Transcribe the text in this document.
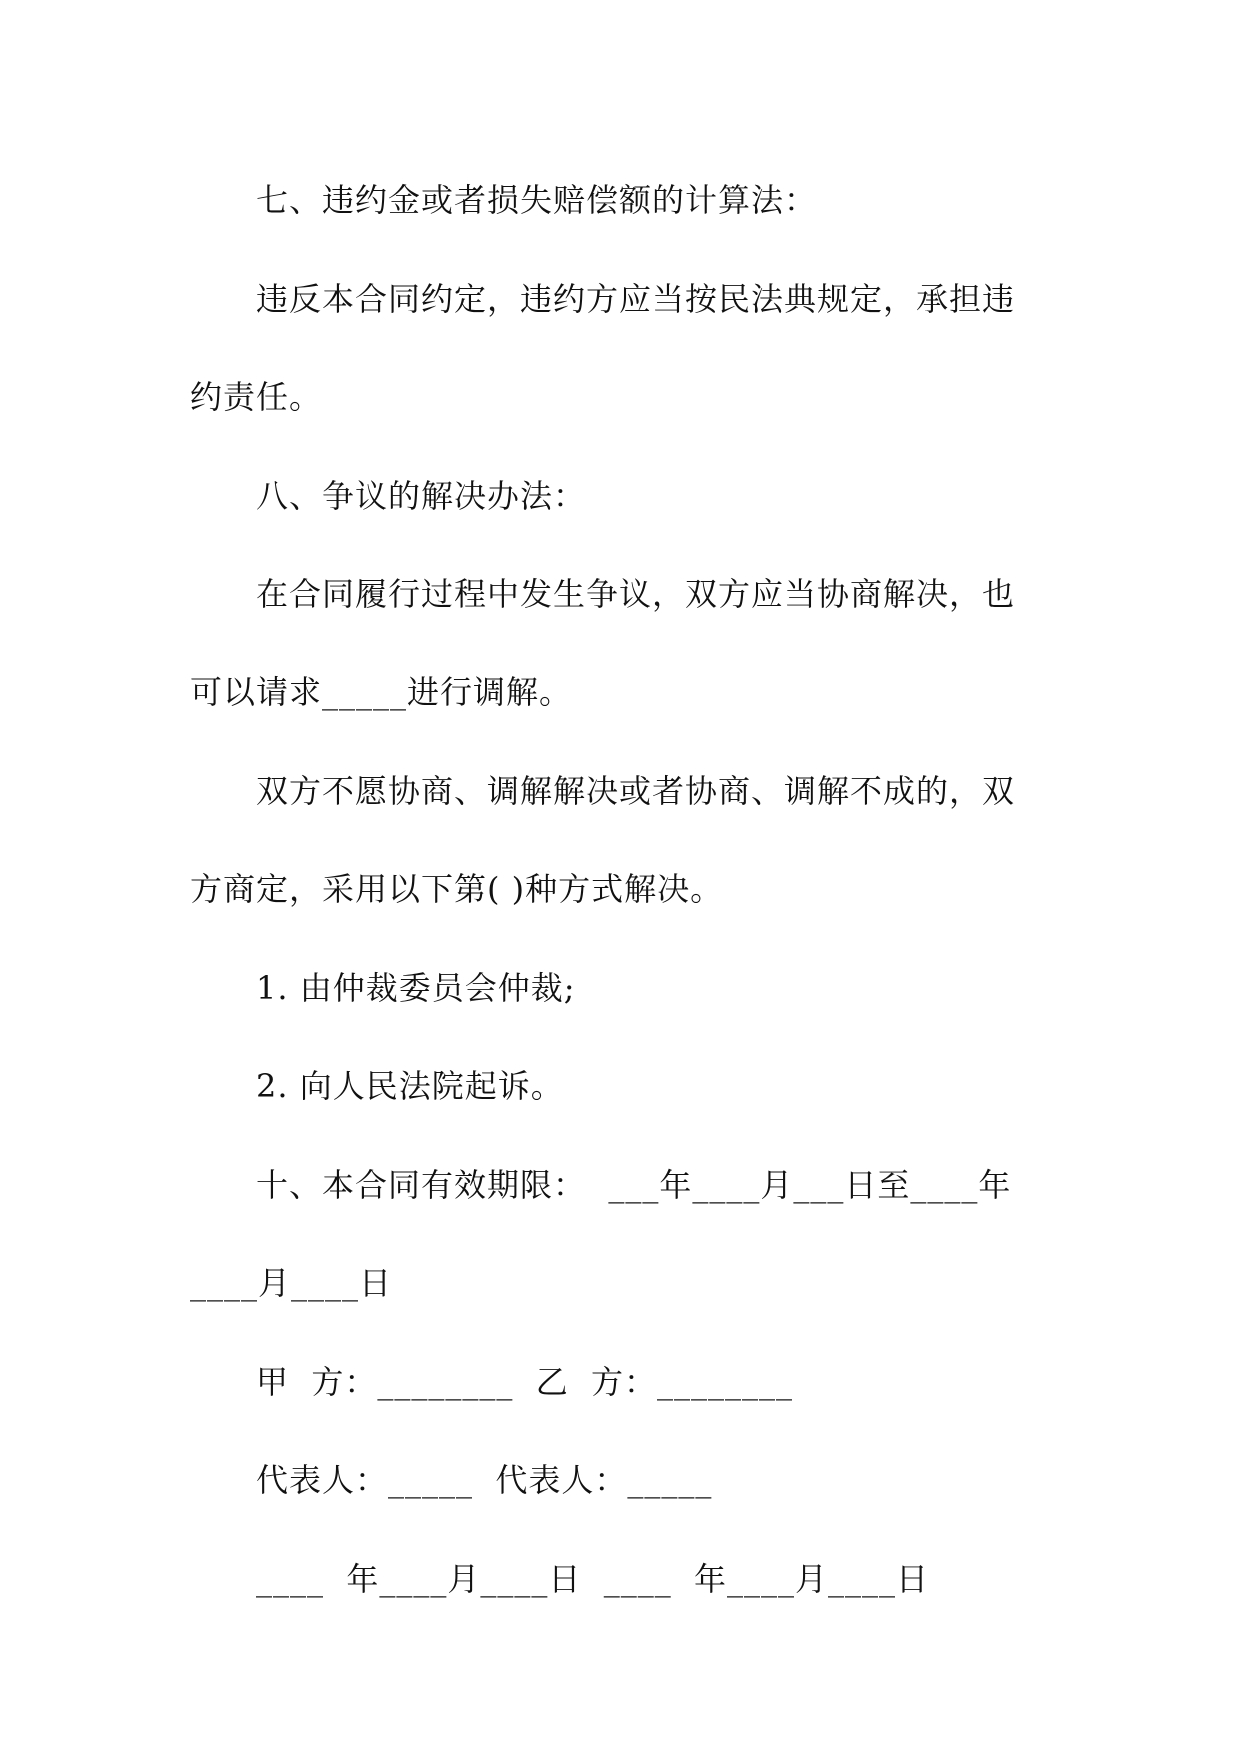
七、违约金或者损失赔偿额的计算法：
违反本合同约定，违约方应当按民法典规定，承担违
约责任。
八、争议的解决办法：
在合同履行过程中发生争议，双方应当协商解决，也
可以请求_____进行调解。
双方不愿协商、调解解决或者协商、调解不成的，双
方商定，采用以下第( )种方式解决。
1. 由仲裁委员会仲裁;
2. 向人民法院起诉。
十、本合同有效期限：  ___年____月___日至____年
____月____日
甲  方：________  乙  方：________
代表人：_____  代表人：_____
____  年____月____日  ____  年____月____日
